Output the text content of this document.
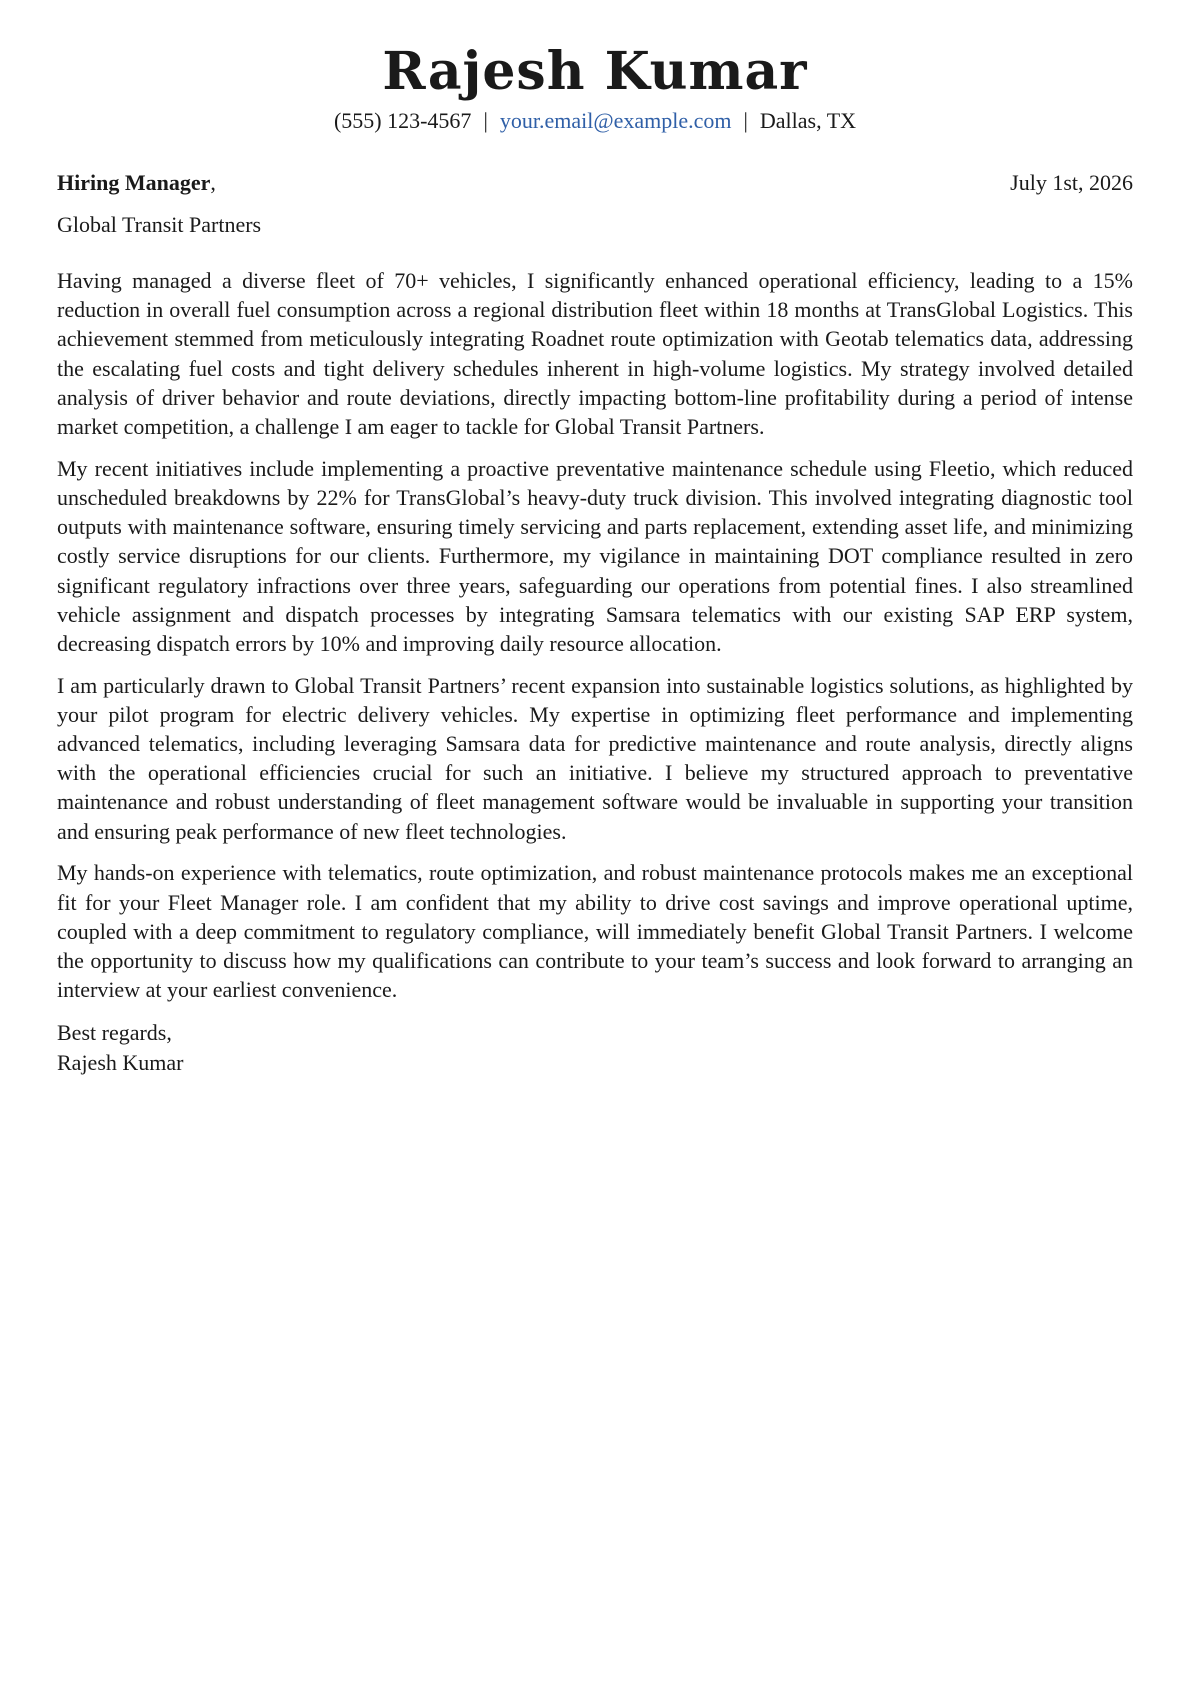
Rajesh Kumar
(555) 123-4567 | your.email@example.com | Dallas, TX
Hiring Manager,	July 1st, 2026
Global Transit Partners

Having managed a diverse fleet of 70+ vehicles, I significantly enhanced operational efficiency, leading to a 15% reduction in overall fuel consumption across a regional distribution fleet within 18 months at TransGlobal Logistics. This achievement stemmed from meticulously integrating Roadnet route optimization with Geotab telematics data, addressing the escalating fuel costs and tight delivery schedules inherent in high-volume logistics. My strategy involved detailed analysis of driver behavior and route deviations, directly impacting bottom-line profitability during a period of intense market competition, a challenge I am eager to tackle for Global Transit Partners.

My recent initiatives include implementing a proactive preventative maintenance schedule using Fleetio, which reduced unscheduled breakdowns by 22% for TransGlobal’s heavy-duty truck division. This involved integrating diagnostic tool outputs with maintenance software, ensuring timely servicing and parts replacement, extending asset life, and minimizing costly service disruptions for our clients. Furthermore, my vigilance in maintaining DOT compliance resulted in zero significant regulatory infractions over three years, safeguarding our operations from potential fines. I also streamlined vehicle assignment and dispatch processes by integrating Samsara telematics with our existing SAP ERP system, decreasing dispatch errors by 10% and improving daily resource allocation.

I am particularly drawn to Global Transit Partners’ recent expansion into sustainable logistics solutions, as highlighted by your pilot program for electric delivery vehicles. My expertise in optimizing fleet performance and implementing advanced telematics, including leveraging Samsara data for predictive maintenance and route analysis, directly aligns with the operational efficiencies crucial for such an initiative. I believe my structured approach to preventative maintenance and robust understanding of fleet management software would be invaluable in supporting your transition and ensuring peak performance of new fleet technologies.

My hands-on experience with telematics, route optimization, and robust maintenance protocols makes me an exceptional fit for your Fleet Manager role. I am confident that my ability to drive cost savings and improve operational uptime, coupled with a deep commitment to regulatory compliance, will immediately benefit Global Transit Partners. I welcome the opportunity to discuss how my qualifications can contribute to your team’s success and look forward to arranging an interview at your earliest convenience.

Best regards,
Rajesh Kumar
